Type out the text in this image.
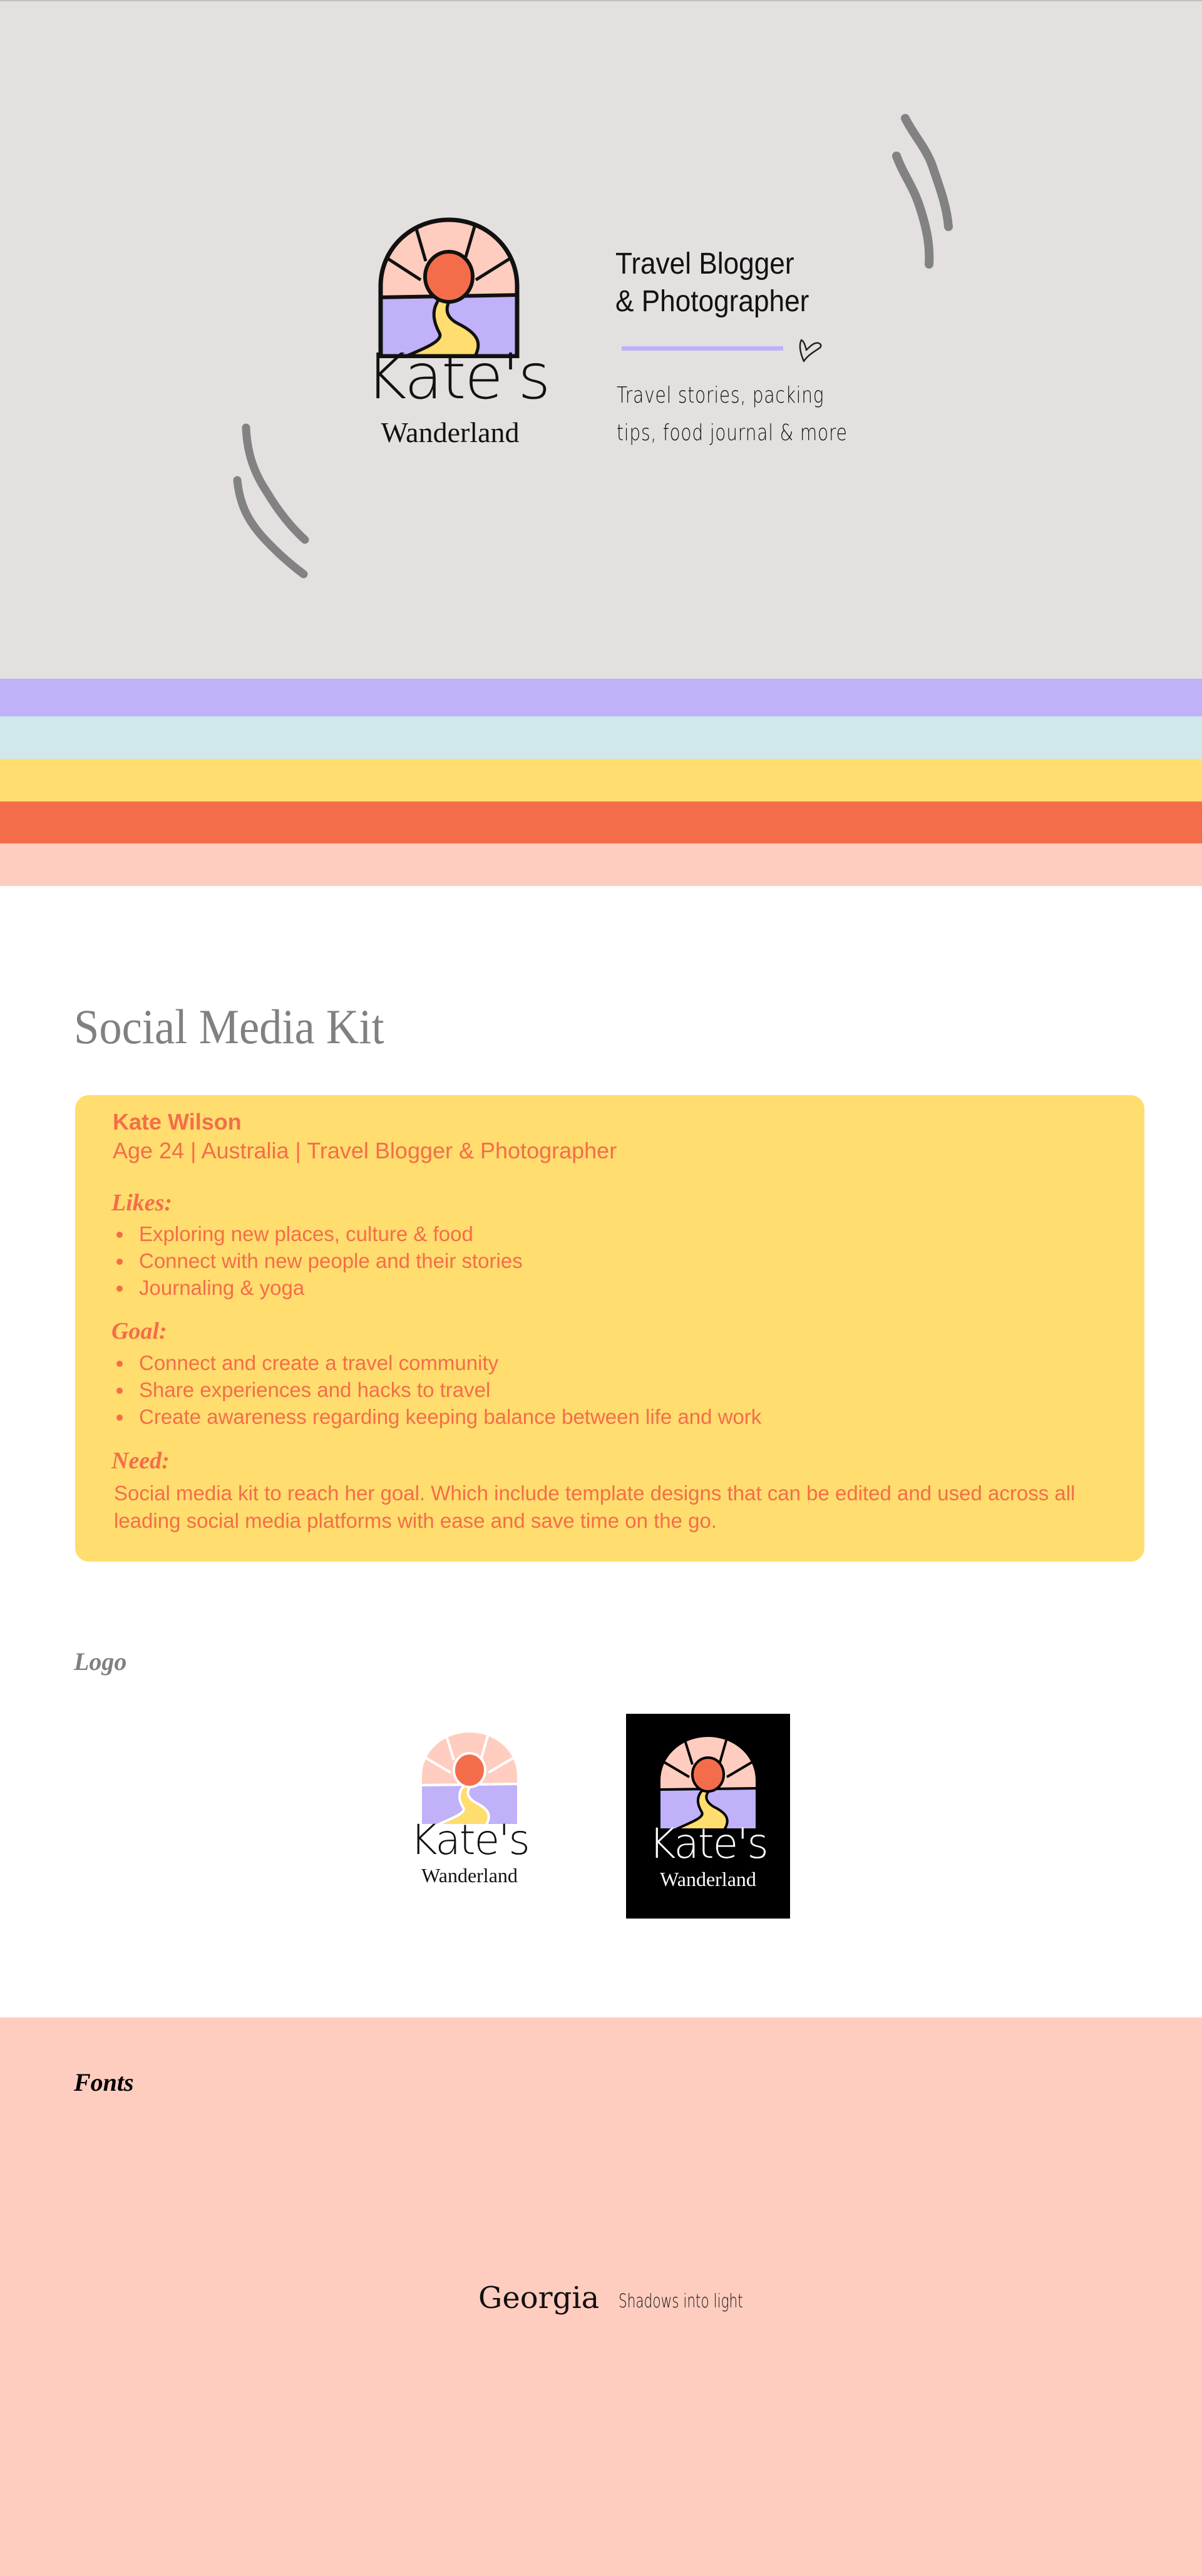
Kate's
Wanderland
Travel Blogger
& Photographer
Travel stories, packing
tips, food journal & more
Social Media Kit
Kate Wilson
Age 24 | Australia | Travel Blogger & Photographer
Likes:
Exploring new places, culture & food
Connect with new people and their stories
Journaling & yoga
Goal:
Connect and create a travel community
Share experiences and hacks to travel
Create awareness regarding keeping balance between life and work
Need:

Social media kit to reach her goal. Which include template designs that can be edited and used across all leading social media platforms with ease and save time on the go.

Logo
Kate's
Wanderland
Kate's
Wanderland
Fonts
Georgia Shadows into light
